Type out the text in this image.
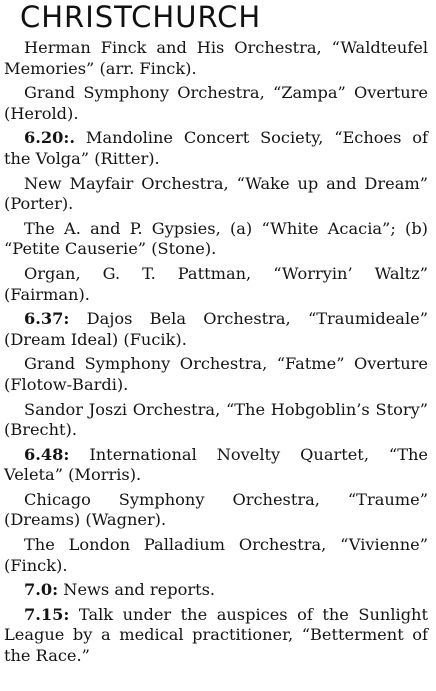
CHRISTCHURCH

Herman Finck and His Orchestra, “Waldteufel Memories” (arr. Finck).

Grand Symphony Orchestra, “Zampa” Overture (Herold).

6.20:. Mandoline Concert Society, “Echoes of the Volga” (Ritter).

New Mayfair Orchestra, “Wake up and Dream” (Porter).

The A. and P. Gypsies, (a) “White Acacia”; (b) “Petite Causerie” (Stone).

Organ, G. T. Pattman, “Worryin’ Waltz” (Fairman).

6.37: Dajos Bela Orchestra, “Traumideale” (Dream Ideal) (Fucik).

Grand Symphony Orchestra, “Fatme” Overture (Flotow-Bardi).

Sandor Joszi Orchestra, “The Hobgoblin’s Story” (Brecht).

6.48: International Novelty Quartet, “The Veleta” (Morris).

Chicago Symphony Orchestra, “Traume” (Dreams) (Wagner).

The London Palladium Orchestra, “Vivienne” (Finck).

7.0: News and reports.

7.15: Talk under the auspices of the Sunlight League by a medical practitioner, “Betterment of the Race.”
